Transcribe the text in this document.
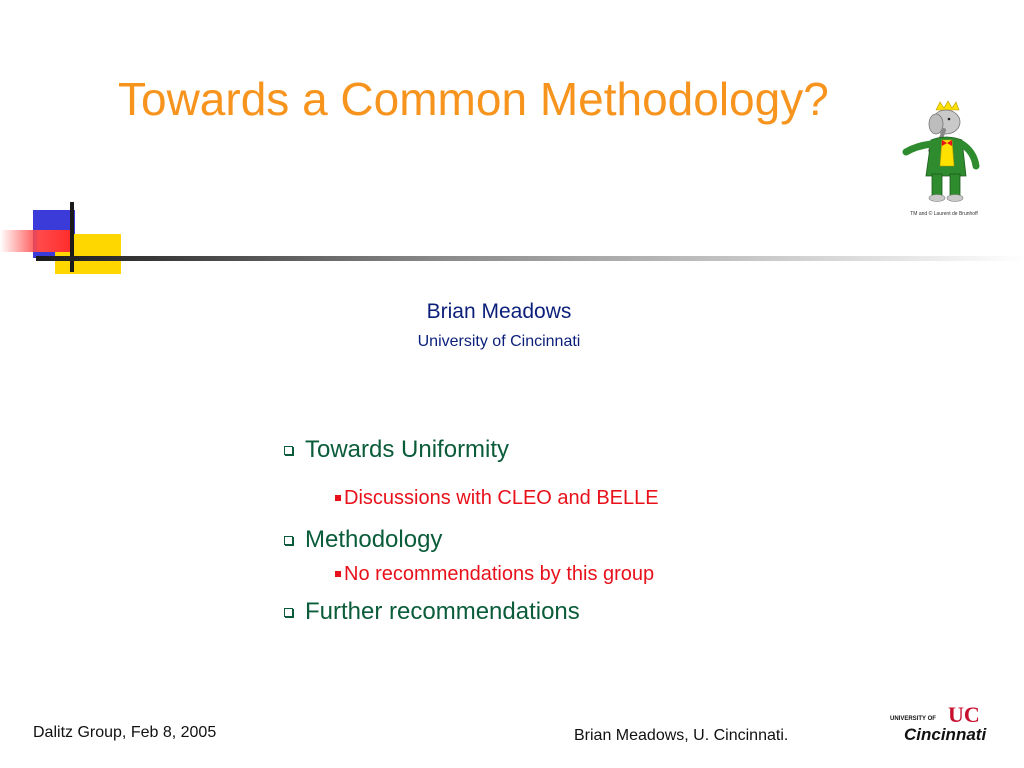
Towards a Common Methodology?
TM and © Laurent de Brunhoff
Brian Meadows
University of Cincinnati
Towards Uniformity
Discussions with CLEO and BELLE
Methodology
No recommendations by this group
Further recommendations
Dalitz Group, Feb 8, 2005	Brian Meadows, U. Cincinnati.
UNIVERSITY OF UC
Cincinnati
